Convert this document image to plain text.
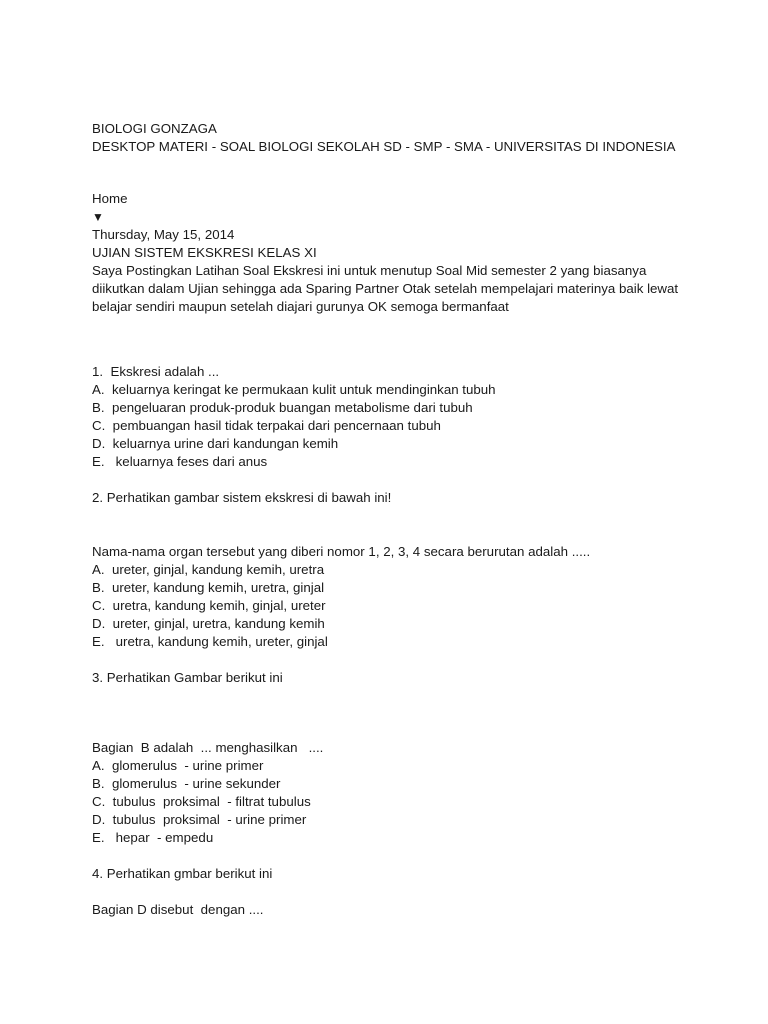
BIOLOGI GONZAGA
DESKTOP MATERI - SOAL BIOLOGI SEKOLAH SD - SMP - SMA - UNIVERSITAS DI INDONESIA
Home
▼
Thursday, May 15, 2014
UJIAN SISTEM EKSKRESI KELAS XI
Saya Postingkan Latihan Soal Ekskresi ini untuk menutup Soal Mid semester 2 yang biasanya diikutkan dalam Ujian sehingga ada Sparing Partner Otak setelah mempelajari materinya baik lewat belajar sendiri maupun setelah diajari gurunya OK semoga bermanfaat
1.  Ekskresi adalah ...
A.  keluarnya keringat ke permukaan kulit untuk mendinginkan tubuh
B.  pengeluaran produk-produk buangan metabolisme dari tubuh
C.  pembuangan hasil tidak terpakai dari pencernaan tubuh
D.  keluarnya urine dari kandungan kemih
E.   keluarnya feses dari anus
2. Perhatikan gambar sistem ekskresi di bawah ini!
Nama-nama organ tersebut yang diberi nomor 1, 2, 3, 4 secara berurutan adalah .....
A.  ureter, ginjal, kandung kemih, uretra
B.  ureter, kandung kemih, uretra, ginjal
C.  uretra, kandung kemih, ginjal, ureter
D.  ureter, ginjal, uretra, kandung kemih
E.   uretra, kandung kemih, ureter, ginjal
3. Perhatikan Gambar berikut ini
Bagian  B adalah  ... menghasilkan   ....
A.  glomerulus  - urine primer
B.  glomerulus  - urine sekunder
C.  tubulus  proksimal  - filtrat tubulus
D.  tubulus  proksimal  - urine primer
E.   hepar  - empedu
4. Perhatikan gmbar berikut ini
Bagian D disebut  dengan ....
